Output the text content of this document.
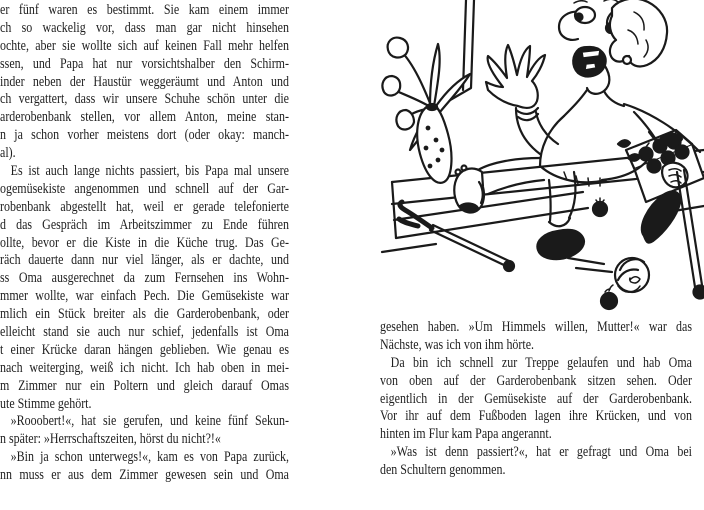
er fünf waren es bestimmt. Sie kam einem immer
ch so wackelig vor, dass man gar nicht hinsehen
ochte, aber sie wollte sich auf keinen Fall mehr helfen
ssen, und Papa hat nur vorsichtshalber den Schirm-
inder neben der Haustür weggeräumt und Anton und
ch vergattert, dass wir unsere Schuhe schön unter die
arderobenbank stellen, vor allem Anton, meine stan-
n ja schon vorher meistens dort (oder okay: manch-
al).
Es ist auch lange nichts passiert, bis Papa mal unsere
ogemüsekiste angenommen und schnell auf der Gar-
robenbank abgestellt hat, weil er gerade telefonierte
d das Gespräch im Arbeitszimmer zu Ende führen
ollte, bevor er die Kiste in die Küche trug. Das Ge-
räch dauerte dann nur viel länger, als er dachte, und
ss Oma ausgerechnet da zum Fernsehen ins Wohn-
mmer wollte, war einfach Pech. Die Gemüsekiste war
mlich ein Stück breiter als die Garderobenbank, oder
elleicht stand sie auch nur schief, jedenfalls ist Oma
t einer Krücke daran hängen geblieben. Wie genau es
nach weiterging, weiß ich nicht. Ich hab oben in mei-
m Zimmer nur ein Poltern und gleich darauf Omas
ute Stimme gehört.
»Rooobert!«, hat sie gerufen, und keine fünf Sekun-
n später: »Herrschaftszeiten, hörst du nicht?!«
»Bin ja schon unterwegs!«, kam es von Papa zurück,
nn muss er aus dem Zimmer gewesen sein und Oma
gesehen haben. »Um Himmels willen, Mutter!« war das
Nächste, was ich von ihm hörte.
Da bin ich schnell zur Treppe gelaufen und hab Oma
von oben auf der Garderobenbank sitzen sehen. Oder
eigentlich in der Gemüsekiste auf der Garderobenbank.
Vor ihr auf dem Fußboden lagen ihre Krücken, und von
hinten im Flur kam Papa angerannt.
»Was ist denn passiert?«, hat er gefragt und Oma bei
den Schultern genommen.
